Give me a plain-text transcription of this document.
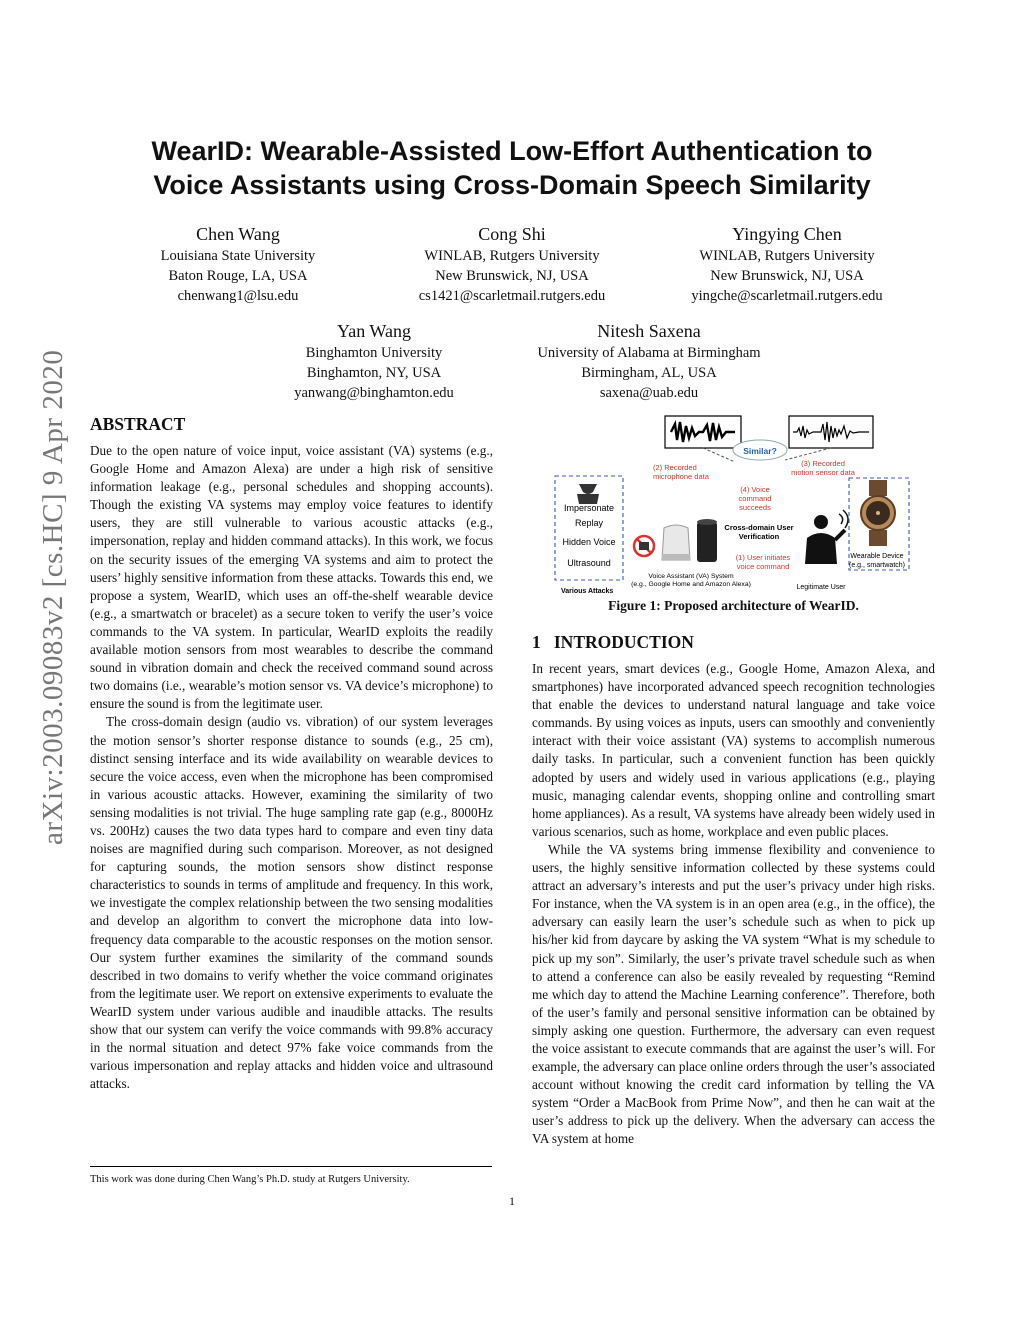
arXiv:2003.09083v2 [cs.HC] 9 Apr 2020
WearID: Wearable-Assisted Low-Effort Authentication to
Voice Assistants using Cross-Domain Speech Similarity
Chen Wang
Louisiana State University
Baton Rouge, LA, USA
chenwang1@lsu.edu
Cong Shi
WINLAB, Rutgers University
New Brunswick, NJ, USA
cs1421@scarletmail.rutgers.edu
Yingying Chen
WINLAB, Rutgers University
New Brunswick, NJ, USA
yingche@scarletmail.rutgers.edu
Yan Wang
Binghamton University
Binghamton, NY, USA
yanwang@binghamton.edu
Nitesh Saxena
University of Alabama at Birmingham
Birmingham, AL, USA
saxena@uab.edu
ABSTRACT

Due to the open nature of voice input, voice assistant (VA) systems (e.g., Google Home and Amazon Alexa) are under a high risk of sensitive information leakage (e.g., personal schedules and shopping accounts). Though the existing VA systems may employ voice features to identify users, they are still vulnerable to various acoustic attacks (e.g., impersonation, replay and hidden command attacks). In this work, we focus on the security issues of the emerging VA systems and aim to protect the users’ highly sensitive information from these attacks. Towards this end, we propose a system, WearID, which uses an off-the-shelf wearable device (e.g., a smartwatch or bracelet) as a secure token to verify the user’s voice commands to the VA system. In particular, WearID exploits the readily available motion sensors from most wearables to describe the command sound in vibration domain and check the received command sound across two domains (i.e., wearable’s motion sensor vs. VA device’s microphone) to ensure the sound is from the legitimate user.

The cross-domain design (audio vs. vibration) of our system leverages the motion sensor’s shorter response distance to sounds (e.g., 25 cm), distinct sensing interface and its wide availability on wearable devices to secure the voice access, even when the microphone has been compromised in various acoustic attacks. However, examining the similarity of two sensing modalities is not trivial. The huge sampling rate gap (e.g., 8000Hz vs. 200Hz) causes the two data types hard to compare and even tiny data noises are magnified during such comparison. Moreover, as not designed for capturing sounds, the motion sensors show distinct response characteristics to sounds in terms of amplitude and frequency. In this work, we investigate the complex relationship between the two sensing modalities and develop an algorithm to convert the microphone data into low-frequency data comparable to the acoustic responses on the motion sensor. Our system further examines the similarity of the command sounds described in two domains to verify whether the voice command originates from the legitimate user. We report on extensive experiments to evaluate the WearID system under various audible and inaudible attacks. The results show that our system can verify the voice commands with 99.8% accuracy in the normal situation and detect 97% fake voice commands from the various impersonation and replay attacks and hidden voice and ultrasound attacks.

This work was done during Chen Wang’s Ph.D. study at Rutgers University.
Similar?
(2) Recorded microphone data
(3) Recorded motion sensor data
(4) Voice command succeeds
Cross-domain User Verification
(1) User initiates voice command
Impersonate
Replay
Hidden Voice
Ultrasound
Various Attacks
Voice Assistant (VA) System (e.g., Google Home and Amazon Alexa)	Legitimate User
Wearable Device (e.g., smartwatch)
Figure 1: Proposed architecture of WearID.
1 INTRODUCTION

In recent years, smart devices (e.g., Google Home, Amazon Alexa, and smartphones) have incorporated advanced speech recognition technologies that enable the devices to understand natural language and take voice commands. By using voices as inputs, users can smoothly and conveniently interact with their voice assistant (VA) systems to accomplish numerous daily tasks. In particular, such a convenient function has been quickly adopted by users and widely used in various applications (e.g., playing music, managing calendar events, shopping online and controlling smart home appliances). As a result, VA systems have already been widely used in various scenarios, such as home, workplace and even public places.

While the VA systems bring immense flexibility and convenience to users, the highly sensitive information collected by these systems could attract an adversary’s interests and put the user’s privacy under high risks. For instance, when the VA system is in an open area (e.g., in the office), the adversary can easily learn the user’s schedule such as when to pick up his/her kid from daycare by asking the VA system “What is my schedule to pick up my son”. Similarly, the user’s private travel schedule such as when to attend a conference can also be easily revealed by requesting “Remind me which day to attend the Machine Learning conference”. Therefore, both of the user’s family and personal sensitive information can be obtained by simply asking one question. Furthermore, the adversary can even request the voice assistant to execute commands that are against the user’s will. For example, the adversary can place online orders through the user’s associated account without knowing the credit card information by telling the VA system “Order a MacBook from Prime Now”, and then he can wait at the user’s address to pick up the delivery. When the adversary can access the VA system at home

1
